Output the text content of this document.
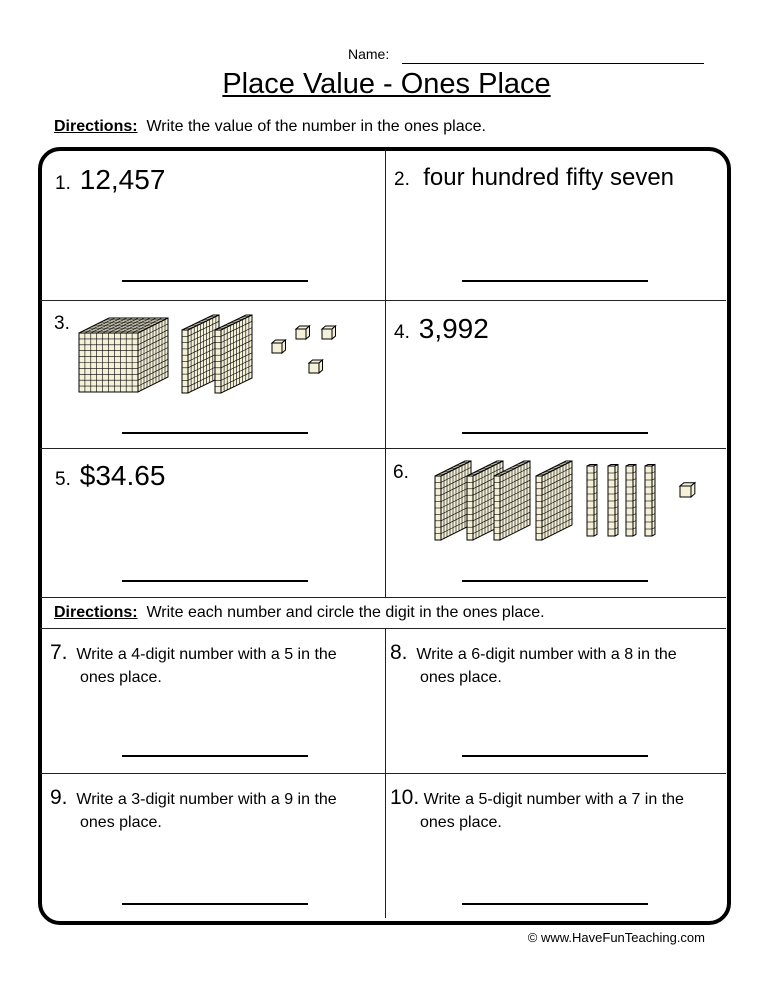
Name:
Place Value - Ones Place
Directions: Write the value of the number in the ones place.
1. 12,457	2. four hundred fifty seven
3.	4. 3,992
5. $34.65	6.
Directions: Write each number and circle the digit in the ones place.
7. Write a 4-digit number with a 5 in the
ones place.
8. Write a 6-digit number with a 8 in the
ones place.
9. Write a 3-digit number with a 9 in the
ones place.
10. Write a 5-digit number with a 7 in the
ones place.
© www.HaveFunTeaching.com
